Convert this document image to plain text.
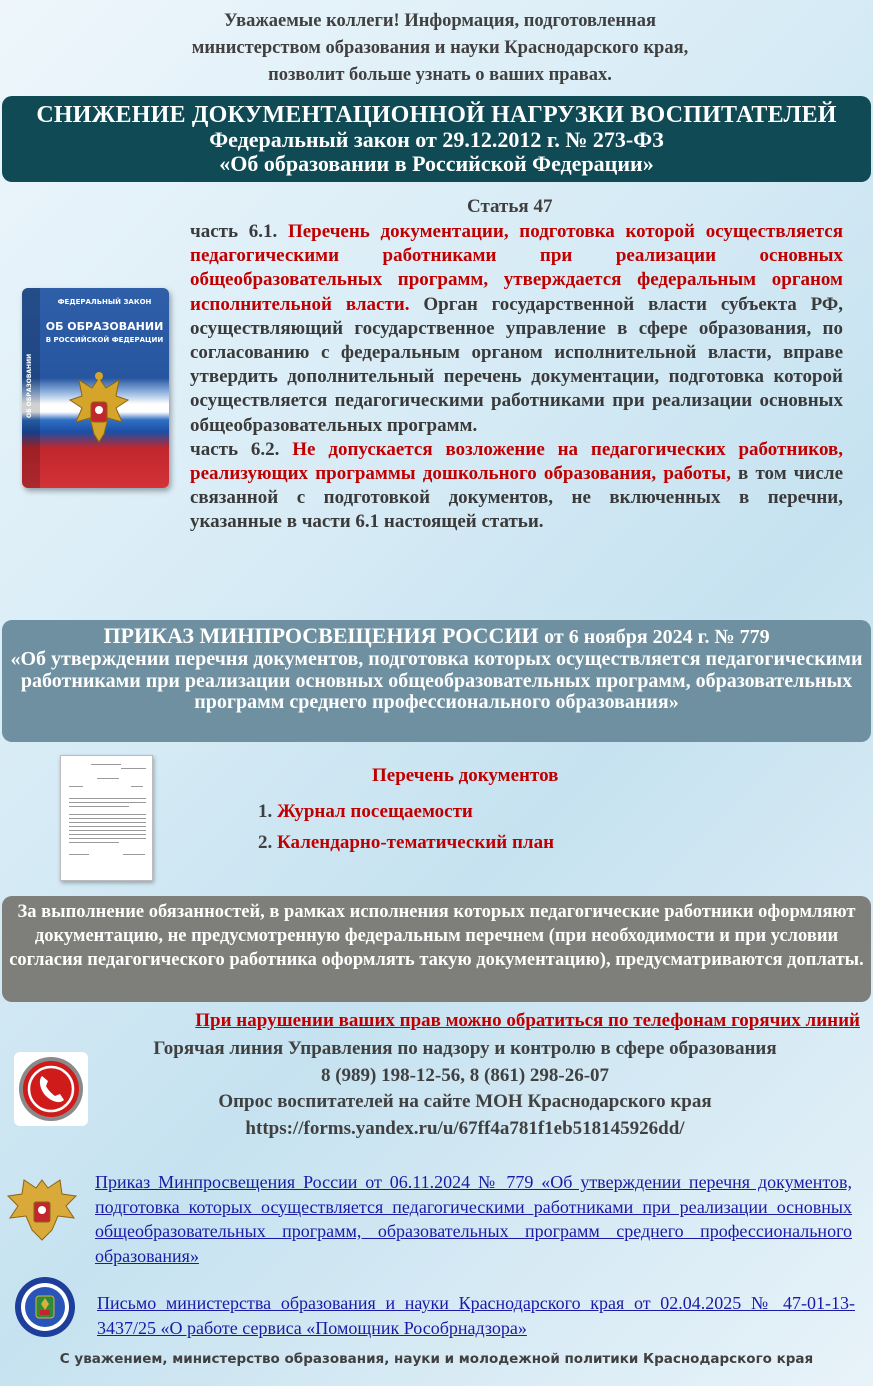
Уважаемые коллеги! Информация, подготовленная
министерством образования и науки Краснодарского края,
позволит больше узнать о ваших правах.
СНИЖЕНИЕ ДОКУМЕНТАЦИОННОЙ НАГРУЗКИ ВОСПИТАТЕЛЕЙ
Федеральный закон от 29.12.2012 г. № 273-ФЗ
«Об образовании в Российской Федерации»
Статья 47
ФЕДЕРАЛЬНЫЙ ЗАКОН
ОБ ОБРАЗОВАНИИ
В РОССИЙСКОЙ ФЕДЕРАЦИИ
ОБ ОБРАЗОВАНИИ
часть 6.1. Перечень документации, подготовка которой осуществляется педагогическими работниками при реализации основных общеобразовательных программ, утверждается федеральным органом исполнительной власти. Орган государственной власти субъекта РФ, осуществляющий государственное управление в сфере образования, по согласованию с федеральным органом исполнительной власти, вправе утвердить дополнительный перечень документации, подготовка которой осуществляется педагогическими работниками при реализации основных общеобразовательных программ.
часть 6.2. Не допускается возложение на педагогических работников, реализующих программы дошкольного образования, работы, в том числе связанной с подготовкой документов, не включенных в перечни, указанные в части 6.1 настоящей статьи.
ПРИКАЗ МИНПРОСВЕЩЕНИЯ РОССИИ от 6 ноября 2024 г. № 779
«Об утверждении перечня документов, подготовка которых осуществляется педагогическими работниками при реализации основных общеобразовательных программ, образовательных программ среднего профессионального образования»
Перечень документов
1. Журнал посещаемости
2. Календарно-тематический план
За выполнение обязанностей, в рамках исполнения которых педагогические работники оформляют документацию, не предусмотренную федеральным перечнем (при необходимости и при условии согласия педагогического работника оформлять такую документацию), предусматриваются доплаты.
При нарушении ваших прав можно обратиться по телефонам горячих линий
Горячая линия Управления по надзору и контролю в сфере образования
8 (989) 198-12-56, 8 (861) 298-26-07
Опрос воспитателей на сайте МОН Краснодарского края
https://forms.yandex.ru/u/67ff4a781f1eb518145926dd/
Приказ Минпросвещения России от 06.11.2024 № 779 «Об утверждении перечня документов, подготовка которых осуществляется педагогическими работниками при реализации основных общеобразовательных программ, образовательных программ среднего профессионального образования»
Письмо министерства образования и науки Краснодарского края от 02.04.2025 № 47-01-13-3437/25 «О работе сервиса «Помощник Рособрнадзора»
С уважением, министерство образования, науки и молодежной политики Краснодарского края
